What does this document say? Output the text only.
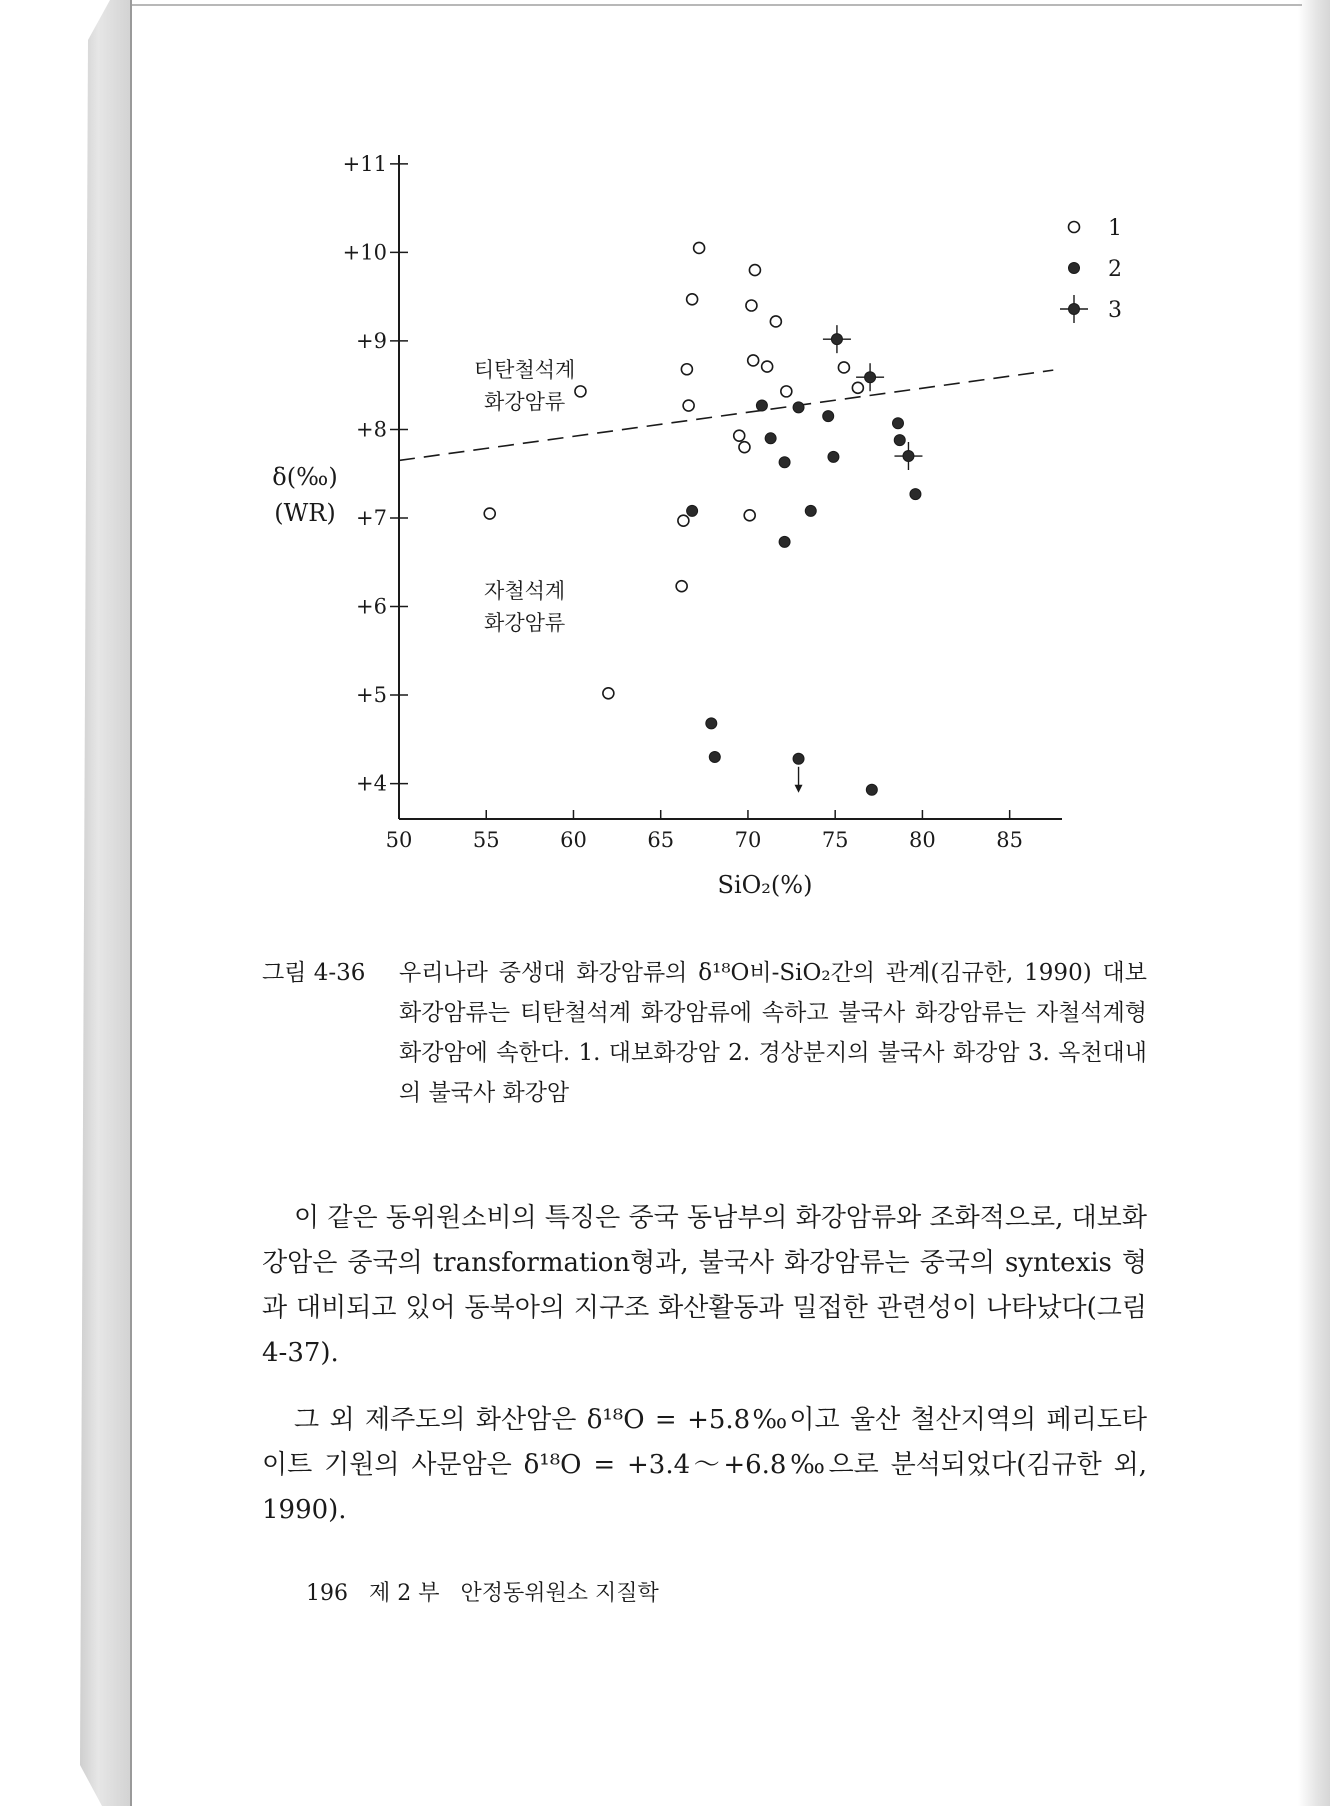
50	55	60	65	70	75	80	85
+4
+5
+6
+7
+8
+9
+10
+11
1
2
3
SiO₂(%)
δ(‰)
(WR)
티탄철석계
화강암류
자철석계
화강암류
그림 4-36 우리나라 중생대 화강암류의 δ¹⁸O비-SiO₂간의 관계(김규한, 1990) 대보화강암류는 티탄철석계 화강암류에 속하고 불국사 화강암류는 자철석계형 화강암에 속한다. 1. 대보화강암 2. 경상분지의 불국사 화강암 3. 옥천대내의 불국사 화강암
이 같은 동위원소비의 특징은 중국 동남부의 화강암류와 조화적으로, 대보화강암은 중국의 transformation형과, 불국사 화강암류는 중국의 syntexis 형과 대비되고 있어 동북아의 지구조 화산활동과 밀접한 관련성이 나타났다(그림 4-37).
그 외 제주도의 화산암은 δ¹⁸O = +5.8‰이고 울산 철산지역의 페리도타이트 기원의 사문암은 δ¹⁸O = +3.4～+6.8‰으로 분석되었다(김규한 외, 1990).
196 제 2 부 안정동위원소 지질학
